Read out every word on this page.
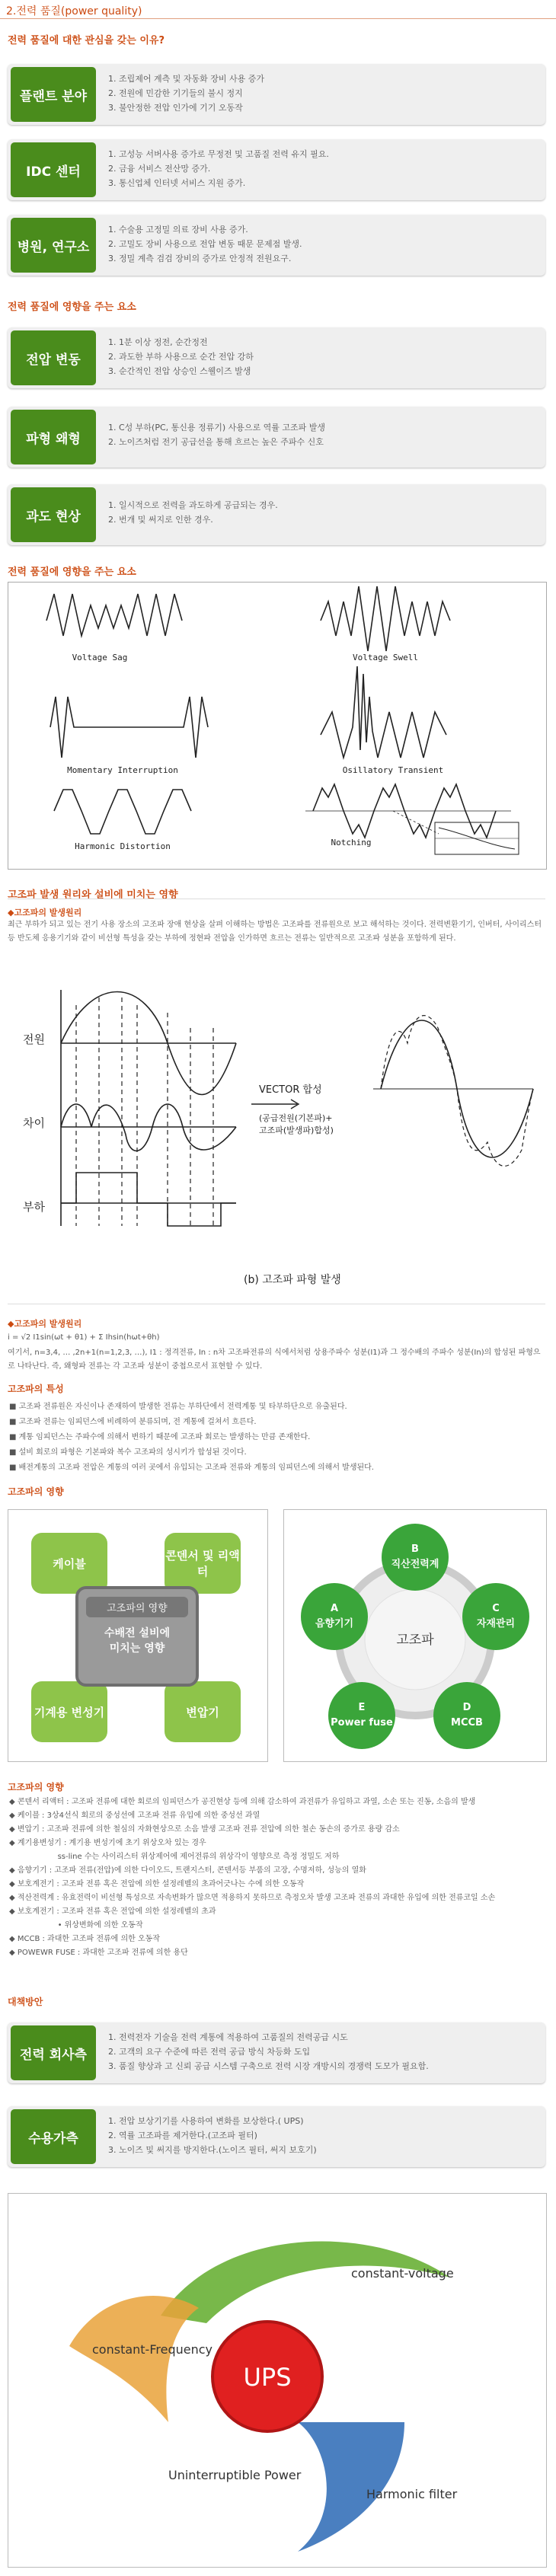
2.전력 품질(power quality)
전력 품질에 대한 관심을 갖는 이유?
플랜트 분야
1. 조립제어 계측 및 자동화 장비 사용 증가
2. 전원에 민감한 기기들의 불시 정지
3. 불안정한 전압 인가에 기기 오동작
IDC 센터
1. 고성능 서버사용 증가로 무정전 및 고품질 전력 유지 필요.
2. 금융 서비스 전산망 증가.
3. 통신업체 인터넷 서비스 지원 증가.
병원, 연구소
1. 수술용 고정밀 의료 장비 사용 증가.
2. 고밀도 장비 사용으로 전압 변동 때문 문제점 발생.
3. 정밀 계측 검검 장비의 증가로 안정적 전원요구.
전력 품질에 영향을 주는 요소
전압 변동
1. 1분 이상 정전, 순간정전
2. 과도한 부하 사용으로 순간 전압 강하
3. 순간적인 전압 상승인 스웰이즈 발생
파형 왜형
1. C성 부하(PC, 통신용 정류기) 사용으로 역률 고조파 발생
2. 노이즈처럼 전기 공급선을 통해 흐르는 높은 주파수 신호
과도 현상
1. 일시적으로 전력을 과도하게 공급되는 경우.
2. 번개 및 써지로 인한 경우.
전력 품질에 영향을 주는 요소
Voltage Sag	Voltage Swell
Momentary Interruption	Osillatory Transient
Harmonic Distortion	Notching
고조파 발생 원리와 설비에 미치는 영향
◆고조파의 발생원리
최근 부하가 되고 있는 전기 사용 장소의 고조파 장애 현상을 살펴 이해하는 방법은 고조파를 전류원으로 보고 해석하는 것이다. 전력변환기기, 인버터, 사이리스터 등 반도체 응용기기와 같이 비선형 특성을 갖는 부하에 정현파 전압을 인가하면 흐르는 전류는 일반적으로 고조파 성분을 포함하게 된다.
전원
차이
부하
VECTOR 합성
(공급전원(기본파)+
고조파(발생파)합성)
(b) 고조파 파형 발생
◆고조파의 발생원리
i = √2 I1sin(ωt + θ1) + Σ Ihsin(hωt+θh)
여기서, n=3,4, … ,2n+1(n=1,2,3, …), I1 : 정격전류, In : n차 고조파전류의 식에서처럼 상용주파수 성분(I1)과 그 정수배의 주파수 성분(In)의 합성된 파형으로 나타난다. 즉, 왜형파 전류는 각 고조파 성분이 중첩으로서 표현할 수 있다.
고조파의 특성
■ 고조파 전류원은 자신이나 존재하여 발생한 전류는 부하단에서 전력계통 및 타부하단으로 유출된다.
■ 고조파 전류는 임피던스에 비례하여 분류되며, 전 계통에 걸쳐서 흐른다.
■ 계통 임피던스는 주파수에 의해서 변하기 때문에 고조파 회로는 발생하는 만큼 존재한다.
■ 설비 회로의 파형은 기본파와 복수 고조파의 성시키가 합성된 것이다.
■ 배전계통의 고조파 전압은 계통의 여러 곳에서 유입되는 고조파 전류와 계통의 임피던스에 의해서 발생된다.
고조파의 영향
케이블
콘덴서 및 리액터
기계용 변성기	변압기
고조파의 영향
수배전 설비에
미치는 영향
B
직산전력계
C
자재관리
D
MCCB
E
Power fuse
A
음향기기
고조파
고조파의 영향
◆ 콘덴서 리액터 : 고조파 전류에 대한 회로의 임피던스가 공진현상 등에 의해 감소하여 과전류가 유입하고 과열, 소손 또는 진동, 소음의 발생
◆ 케이블 : 3상4선식 회로의 중성선에 고조파 전류 유입에 의한 중성선 과열
◆ 변압기 : 고조파 전류에 의한 철심의 자화현상으로 소음 발생 고조파 전류 전압에 의한 철손 동손의 증가로 용량 감소
◆ 계기용변성기 : 계기용 변성기에 초기 위상오차 있는 경우
ss-line 수는 사이리스터 위상제어에 제어전류의 위상각이 영향으로 측정 정밀도 저하
◆ 음향기기 : 고조파 전류(전압)에 의한 다이오드, 트랜지스터, 콘덴서등 부품의 고장, 수명저하, 성능의 열화
◆ 보호계전기 : 고조파 전류 혹은 전압에 의한 설정레벨의 초과어긋나는 수에 의한 오동작
◆ 적산전력계 : 유효전력이 비선형 특성으로 자속변화가 많으면 적용하지 못하므로 측정오차 발생 고조파 전류의 과대한 유입에 의한 전류코일 소손
◆ 보호계전기 : 고조파 전류 혹은 전압에 의한 설정레벨의 초과
• 위상변화에 의한 오동작
◆ MCCB : 과대한 고조파 전류에 의한 오동작
◆ POWEWR FUSE : 과대한 고조파 전류에 의한 용단
대책방안
전력 회사측
1. 전력전자 기술을 전력 계통에 적용하여 고품질의 전력공급 시도
2. 고객의 요구 수준에 따른 전력 공급 방식 차등화 도입
3. 품질 향상과 고 신뢰 공급 시스템 구축으로 전력 시장 개방시의 경쟁력 도모가 필요함.
수용가측
1. 전압 보상기기를 사용하여 변화를 보상한다.( UPS)
2. 역률 고조파를 제거한다.(고조파 필터)
3. 노이즈 및 써지를 방지한다.(노이즈 필터, 써지 보호기)
UPS
constant-voltage
constant-Frequency
Uninterruptible Power
Harmonic filter
